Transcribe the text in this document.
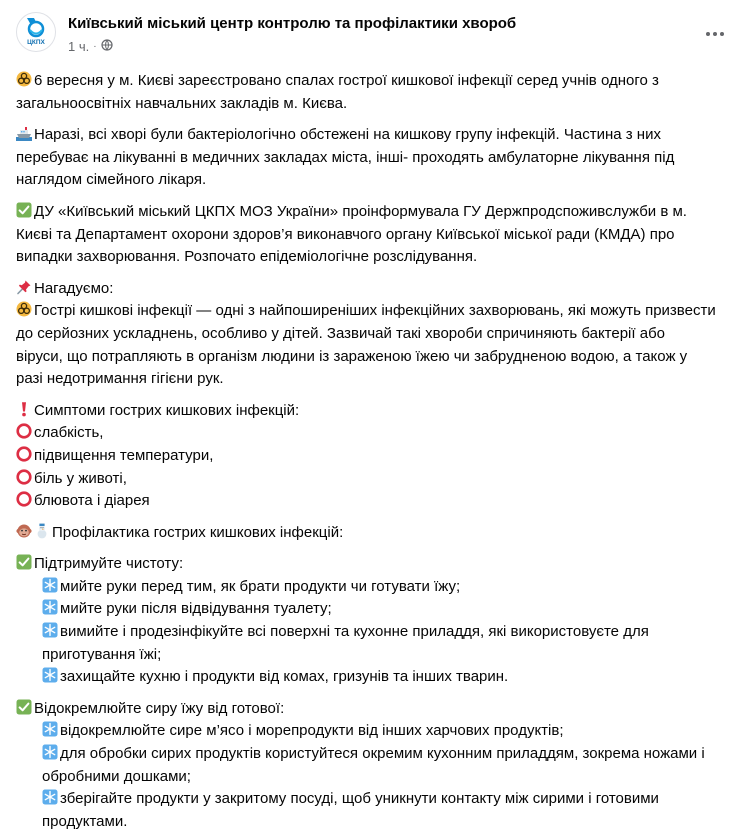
ЦКПХ
Київський міський центр контролю та профілактики хвороб
1 ч. ·

6 вересня у м. Києві зареєстровано спалах гострої кишкової інфекції серед учнів одного з загальноосвітніх навчальних закладів м. Києва.

Наразі, всі хворі були бактеріологічно обстежені на кишкову групу інфекцій. Частина з них перебуває на лікуванні в медичних закладах міста, інші- проходять амбулаторне лікування під наглядом сімейного лікаря.

ДУ «Київський міський ЦКПХ МОЗ України» проінформувала ГУ Держпродспоживслужби в м. Києві та Департамент охорони здоров’я виконавчого органу Київської міської ради (КМДА) про випадки захворювання. Розпочато епідеміологічне розслідування.

Нагадуємо:
Гострі кишкові інфекції — одні з найпоширеніших інфекційних захворювань, які можуть призвести до серйозних ускладнень, особливо у дітей. Зазвичай такі хвороби спричиняють бактерії або віруси, що потрапляють в організм людини із зараженою їжею чи забрудненою водою, а також у разі недотримання гігієни рук.

Симптоми гострих кишкових інфекцій:
слабкість,
підвищення температури,
біль у животі,
блювота і діарея

Профілактика гострих кишкових інфекцій:

Підтримуйте чистоту:
мийте руки перед тим, як брати продукти чи готувати їжу;
мийте руки після відвідування туалету;
вимийте і продезінфікуйте всі поверхні та кухонне приладдя, які використовуєте для приготування їжі;
захищайте кухню і продукти від комах, гризунів та інших тварин.

Відокремлюйте сиру їжу від готової:
відокремлюйте сире м’ясо і морепродукти від інших харчових продуктів;
для обробки сирих продуктів користуйтеся окремим кухонним приладдям, зокрема ножами і обробними дошками;
зберігайте продукти у закритому посуді, щоб уникнути контакту між сирими і готовими продуктами.
